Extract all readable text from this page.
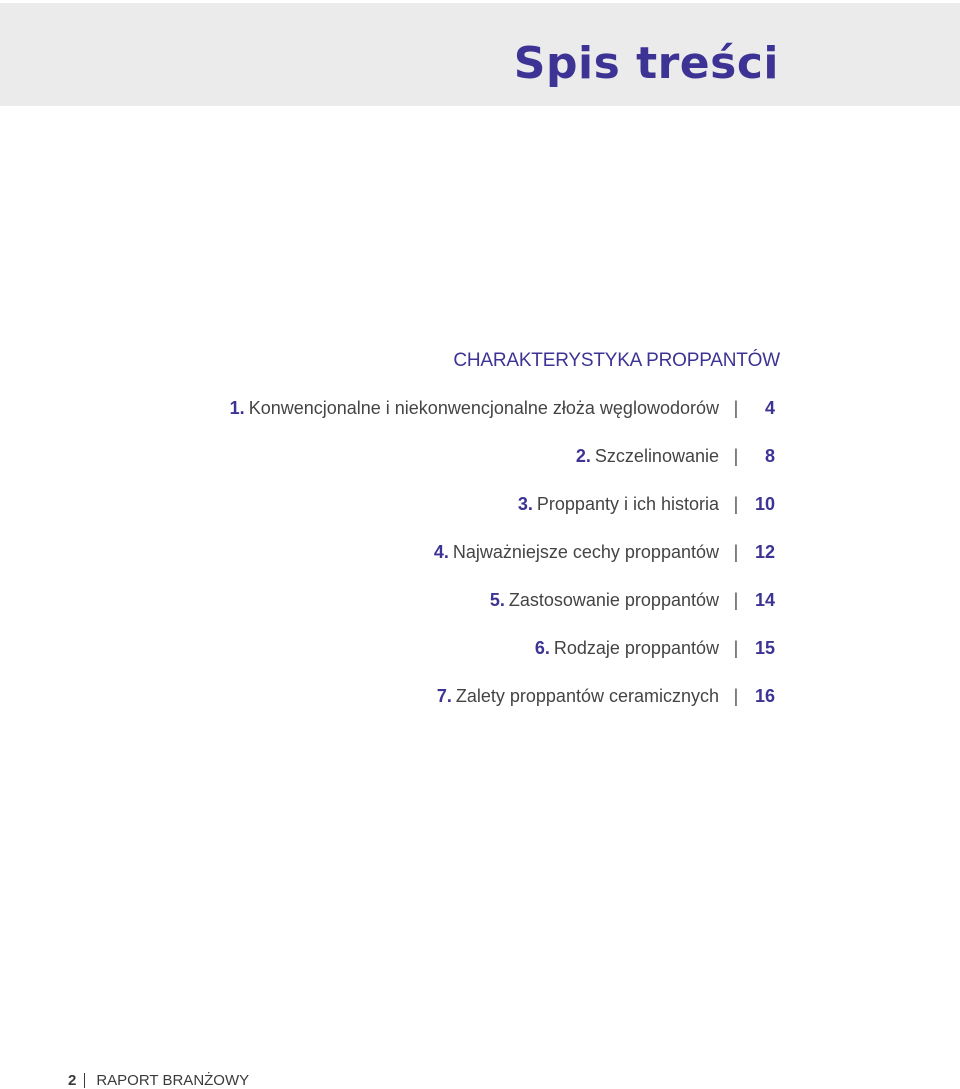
Spis treści
CHARAKTERYSTYKA PROPPANTÓW
1. Konwencjonalne i niekonwencjonalne złoża węglowodorów |	4
2. Szczelinowanie |	8
3. Proppanty i ich historia | 10
4. Najważniejsze cechy proppantów | 12
5. Zastosowanie proppantów | 14
6. Rodzaje proppantów | 15
7. Zalety proppantów ceramicznych | 16
2 RAPORT BRANŻOWY
